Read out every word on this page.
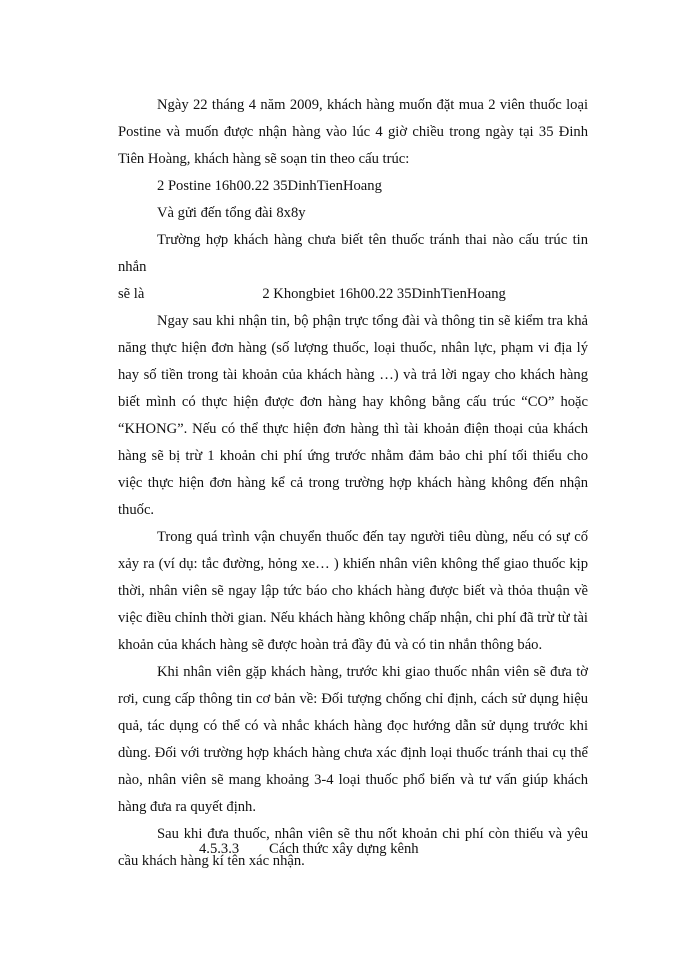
Ngày 22 tháng 4 năm 2009, khách hàng muốn đặt mua 2 viên thuốc loại Postine và muốn được nhận hàng vào lúc 4 giờ chiều trong ngày tại 35 Đinh Tiên Hoàng, khách hàng sẽ soạn tin theo cấu trúc:

2 Postine 16h00.22 35DinhTienHoang

Và gửi đến tổng đài 8x8y

Trường hợp khách hàng chưa biết tên thuốc tránh thai nào cấu trúc tin nhắn

sẽ là	2 Khongbiet 16h00.22 35DinhTienHoang

Ngay sau khi nhận tin, bộ phận trực tổng đài và thông tin sẽ kiểm tra khả năng thực hiện đơn hàng (số lượng thuốc, loại thuốc, nhân lực, phạm vi địa lý hay số tiền trong tài khoản của khách hàng …) và trả lời ngay cho khách hàng biết mình có thực hiện được đơn hàng hay không bằng cấu trúc “CO” hoặc “KHONG”. Nếu có thể thực hiện đơn hàng thì tài khoản điện thoại của khách hàng sẽ bị trừ 1 khoản chi phí ứng trước nhằm đảm bảo chi phí tối thiểu cho việc thực hiện đơn hàng kể cả trong trường hợp khách hàng không đến nhận thuốc.

Trong quá trình vận chuyển thuốc đến tay người tiêu dùng, nếu có sự cố xảy ra (ví dụ: tắc đường, hỏng xe… ) khiến nhân viên không thể giao thuốc kịp thời, nhân viên sẽ ngay lập tức báo cho khách hàng được biết và thỏa thuận về việc điều chỉnh thời gian. Nếu khách hàng không chấp nhận, chi phí đã trừ từ tài khoản của khách hàng sẽ được hoàn trả đầy đủ và có tin nhắn thông báo.

Khi nhân viên gặp khách hàng, trước khi giao thuốc nhân viên sẽ đưa tờ rơi, cung cấp thông tin cơ bản về: Đối tượng chống chỉ định, cách sử dụng hiệu quả, tác dụng có thể có và nhắc khách hàng đọc hướng dẫn sử dụng trước khi dùng. Đối với trường hợp khách hàng chưa xác định loại thuốc tránh thai cụ thể nào, nhân viên sẽ mang khoảng 3-4 loại thuốc phổ biến và tư vấn giúp khách hàng đưa ra quyết định.

Sau khi đưa thuốc, nhân viên sẽ thu nốt khoản chi phí còn thiếu và yêu cầu khách hàng kí tên xác nhận.

4.5.3.3 Cách thức xây dựng kênh
